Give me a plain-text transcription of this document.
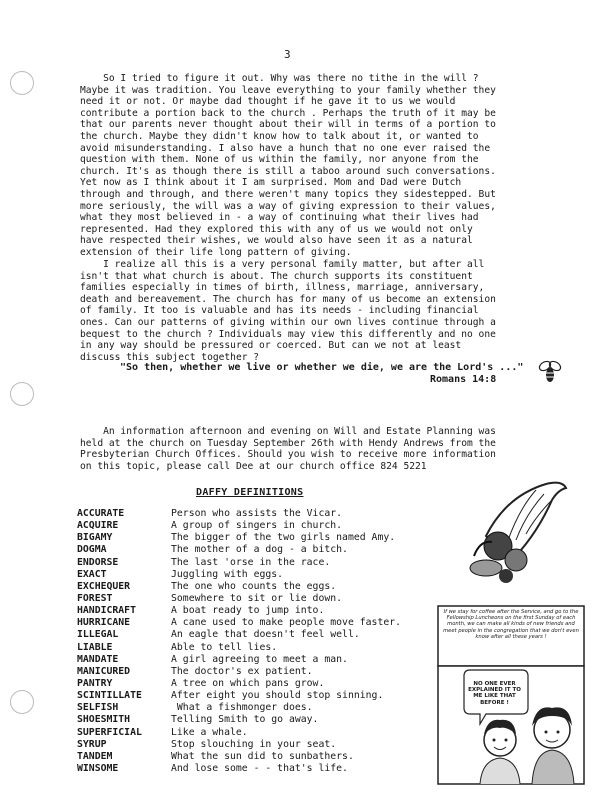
3
So I tried to figure it out. Why was there no tithe in the will ?
Maybe it was tradition. You leave everything to your family whether they
need it or not. Or maybe dad thought if he gave it to us we would
contribute a portion back to the church . Perhaps the truth of it may be
that our parents never thought about their will in terms of a portion to
the church. Maybe they didn't know how to talk about it, or wanted to
avoid misunderstanding. I also have a hunch that no one ever raised the
question with them. None of us within the family, nor anyone from the
church. It's as though there is still a taboo around such conversations.
Yet now as I think about it I am surprised. Mom and Dad were Dutch
through and through, and there weren't many topics they sidestepped. But
more seriously, the will was a way of giving expression to their values,
what they most believed in - a way of continuing what their lives had
represented. Had they explored this with any of us we would not only
have respected their wishes, we would also have seen it as a natural
extension of their life long pattern of giving.
I realize all this is a very personal family matter, but after all
isn't that what church is about. The church supports its constituent
families especially in times of birth, illness, marriage, anniversary,
death and bereavement. The church has for many of us become an extension
of family. It too is valuable and has its needs - including financial
ones. Can our patterns of giving within our own lives continue through a
bequest to the church ? Individuals may view this differently and no one
in any way should be pressured or coerced. But can we not at least
discuss this subject together ?
"So then, whether we live or whether we die, we are the Lord's ..."
Romans 14:8
An information afternoon and evening on Will and Estate Planning was
held at the church on Tuesday September 26th with Hendy Andrews from the
Presbyterian Church Offices. Should you wish to receive more information
on this topic, please call Dee at our church office 824 5221
DAFFY DEFINITIONS
ACCURATE	Person who assists the Vicar.
ACQUIRE	A group of singers in church.
BIGAMY	The bigger of the two girls named Amy.
DOGMA	The mother of a dog - a bitch.
ENDORSE	The last 'orse in the race.
EXACT	Juggling with eggs.
EXCHEQUER	The one who counts the eggs.
FOREST	Somewhere to sit or lie down.
HANDICRAFT	A boat ready to jump into.
HURRICANE	A cane used to make people move faster.
ILLEGAL	An eagle that doesn't feel well.
LIABLE	Able to tell lies.
MANDATE	A girl agreeing to meet a man.
MANICURED	The doctor's ex patient.
PANTRY	A tree on which pans grow.
SCINTILLATE	After eight you should stop sinning.
SELFISH	What a fishmonger does.
SHOESMITH	Telling Smith to go away.
SUPERFICIAL	Like a whale.
SYRUP	Stop slouching in your seat.
TANDEM	What the sun did to sunbathers.
WINSOME	And lose some - - that's life.
If we stay for coffee after the Service, and go to the Fellowship Luncheons on the first Sunday of each month, we can make all kinds of new friends and meet people in the congregation that we don't even know after all these years !
NO ONE EVER EXPLAINED IT TO ME LIKE THAT BEFORE !
